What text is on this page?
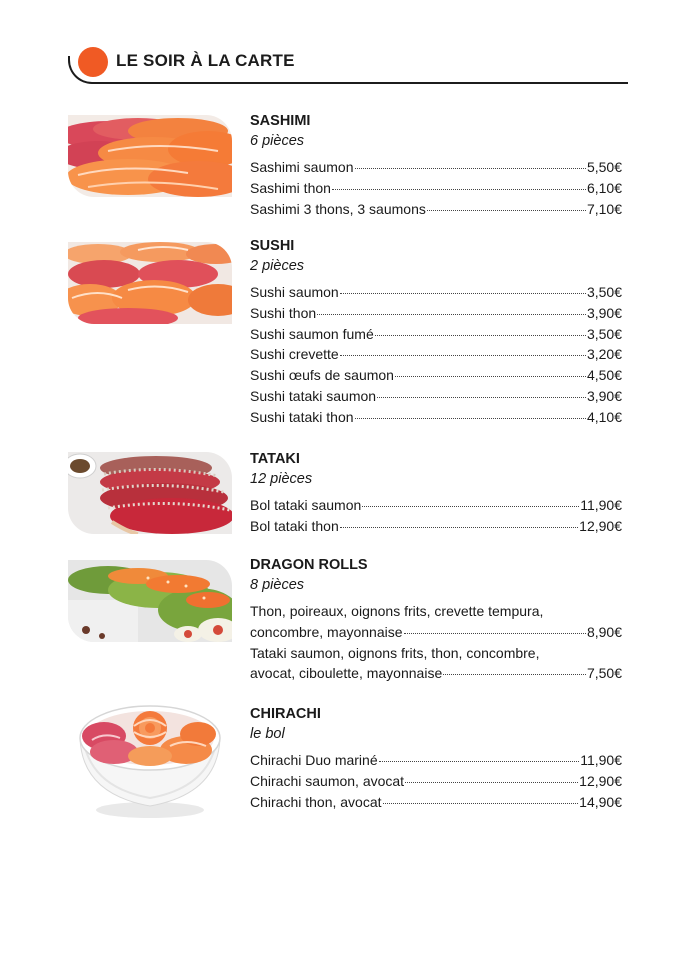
LE SOIR À LA CARTE
SASHIMI
6 pièces
Sashimi saumon	5,50€
Sashimi thon	6,10€
Sashimi 3 thons, 3 saumons	7,10€
SUSHI
2 pièces
Sushi saumon	3,50€
Sushi thon	3,90€
Sushi saumon fumé	3,50€
Sushi crevette	3,20€
Sushi œufs de saumon	4,50€
Sushi tataki saumon	3,90€
Sushi tataki thon	4,10€
TATAKI
12 pièces
Bol tataki saumon	11,90€
Bol tataki thon	12,90€
DRAGON ROLLS
8 pièces
Thon, poireaux, oignons frits, crevette tempura,
concombre, mayonnaise	8,90€
Tataki saumon, oignons frits, thon, concombre,
avocat, ciboulette, mayonnaise	7,50€
CHIRACHI
le bol
Chirachi Duo mariné	11,90€
Chirachi saumon, avocat	12,90€
Chirachi thon, avocat	14,90€
